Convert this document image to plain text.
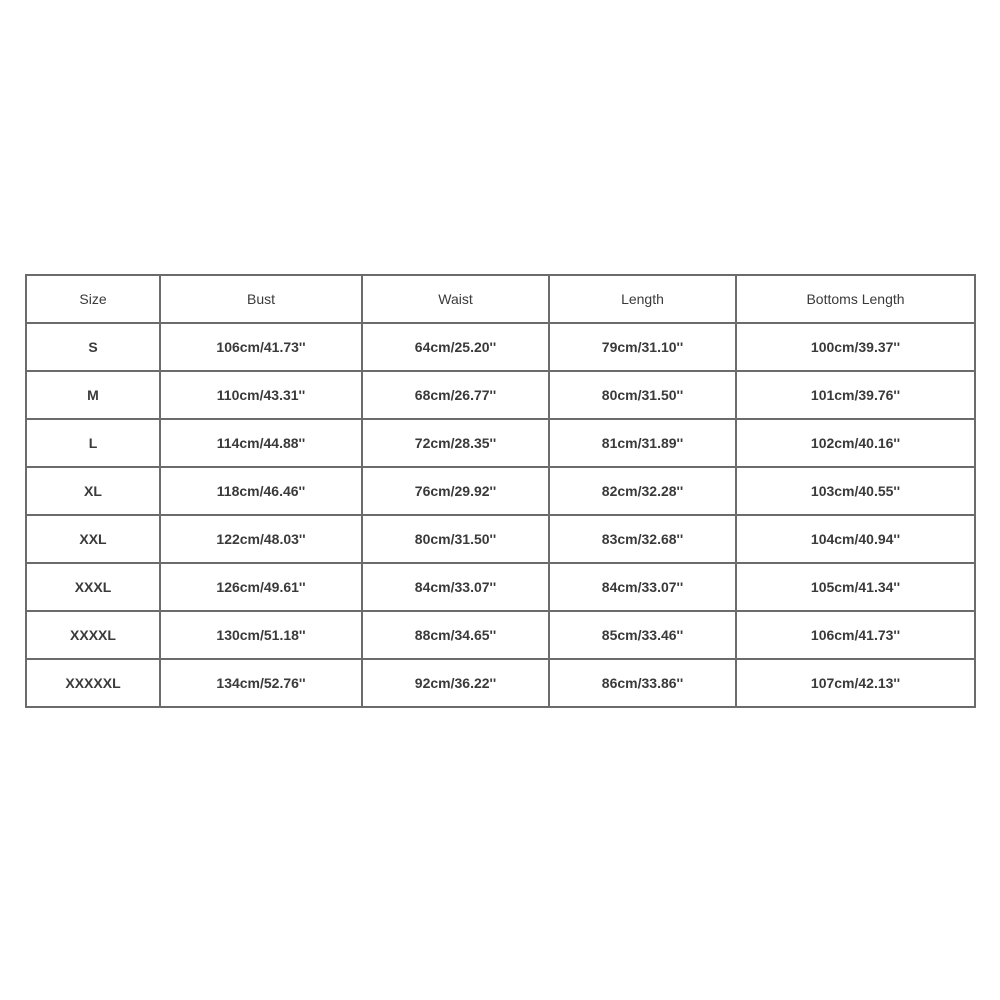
Size	Bust	Waist	Length	Bottoms Length
S	106cm/41.73''	64cm/25.20''	79cm/31.10''	100cm/39.37''
M	110cm/43.31''	68cm/26.77''	80cm/31.50''	101cm/39.76''
L	114cm/44.88''	72cm/28.35''	81cm/31.89''	102cm/40.16''
XL	118cm/46.46''	76cm/29.92''	82cm/32.28''	103cm/40.55''
XXL	122cm/48.03''	80cm/31.50''	83cm/32.68''	104cm/40.94''
XXXL	126cm/49.61''	84cm/33.07''	84cm/33.07''	105cm/41.34''
XXXXL	130cm/51.18''	88cm/34.65''	85cm/33.46''	106cm/41.73''
XXXXXL	134cm/52.76''	92cm/36.22''	86cm/33.86''	107cm/42.13''
